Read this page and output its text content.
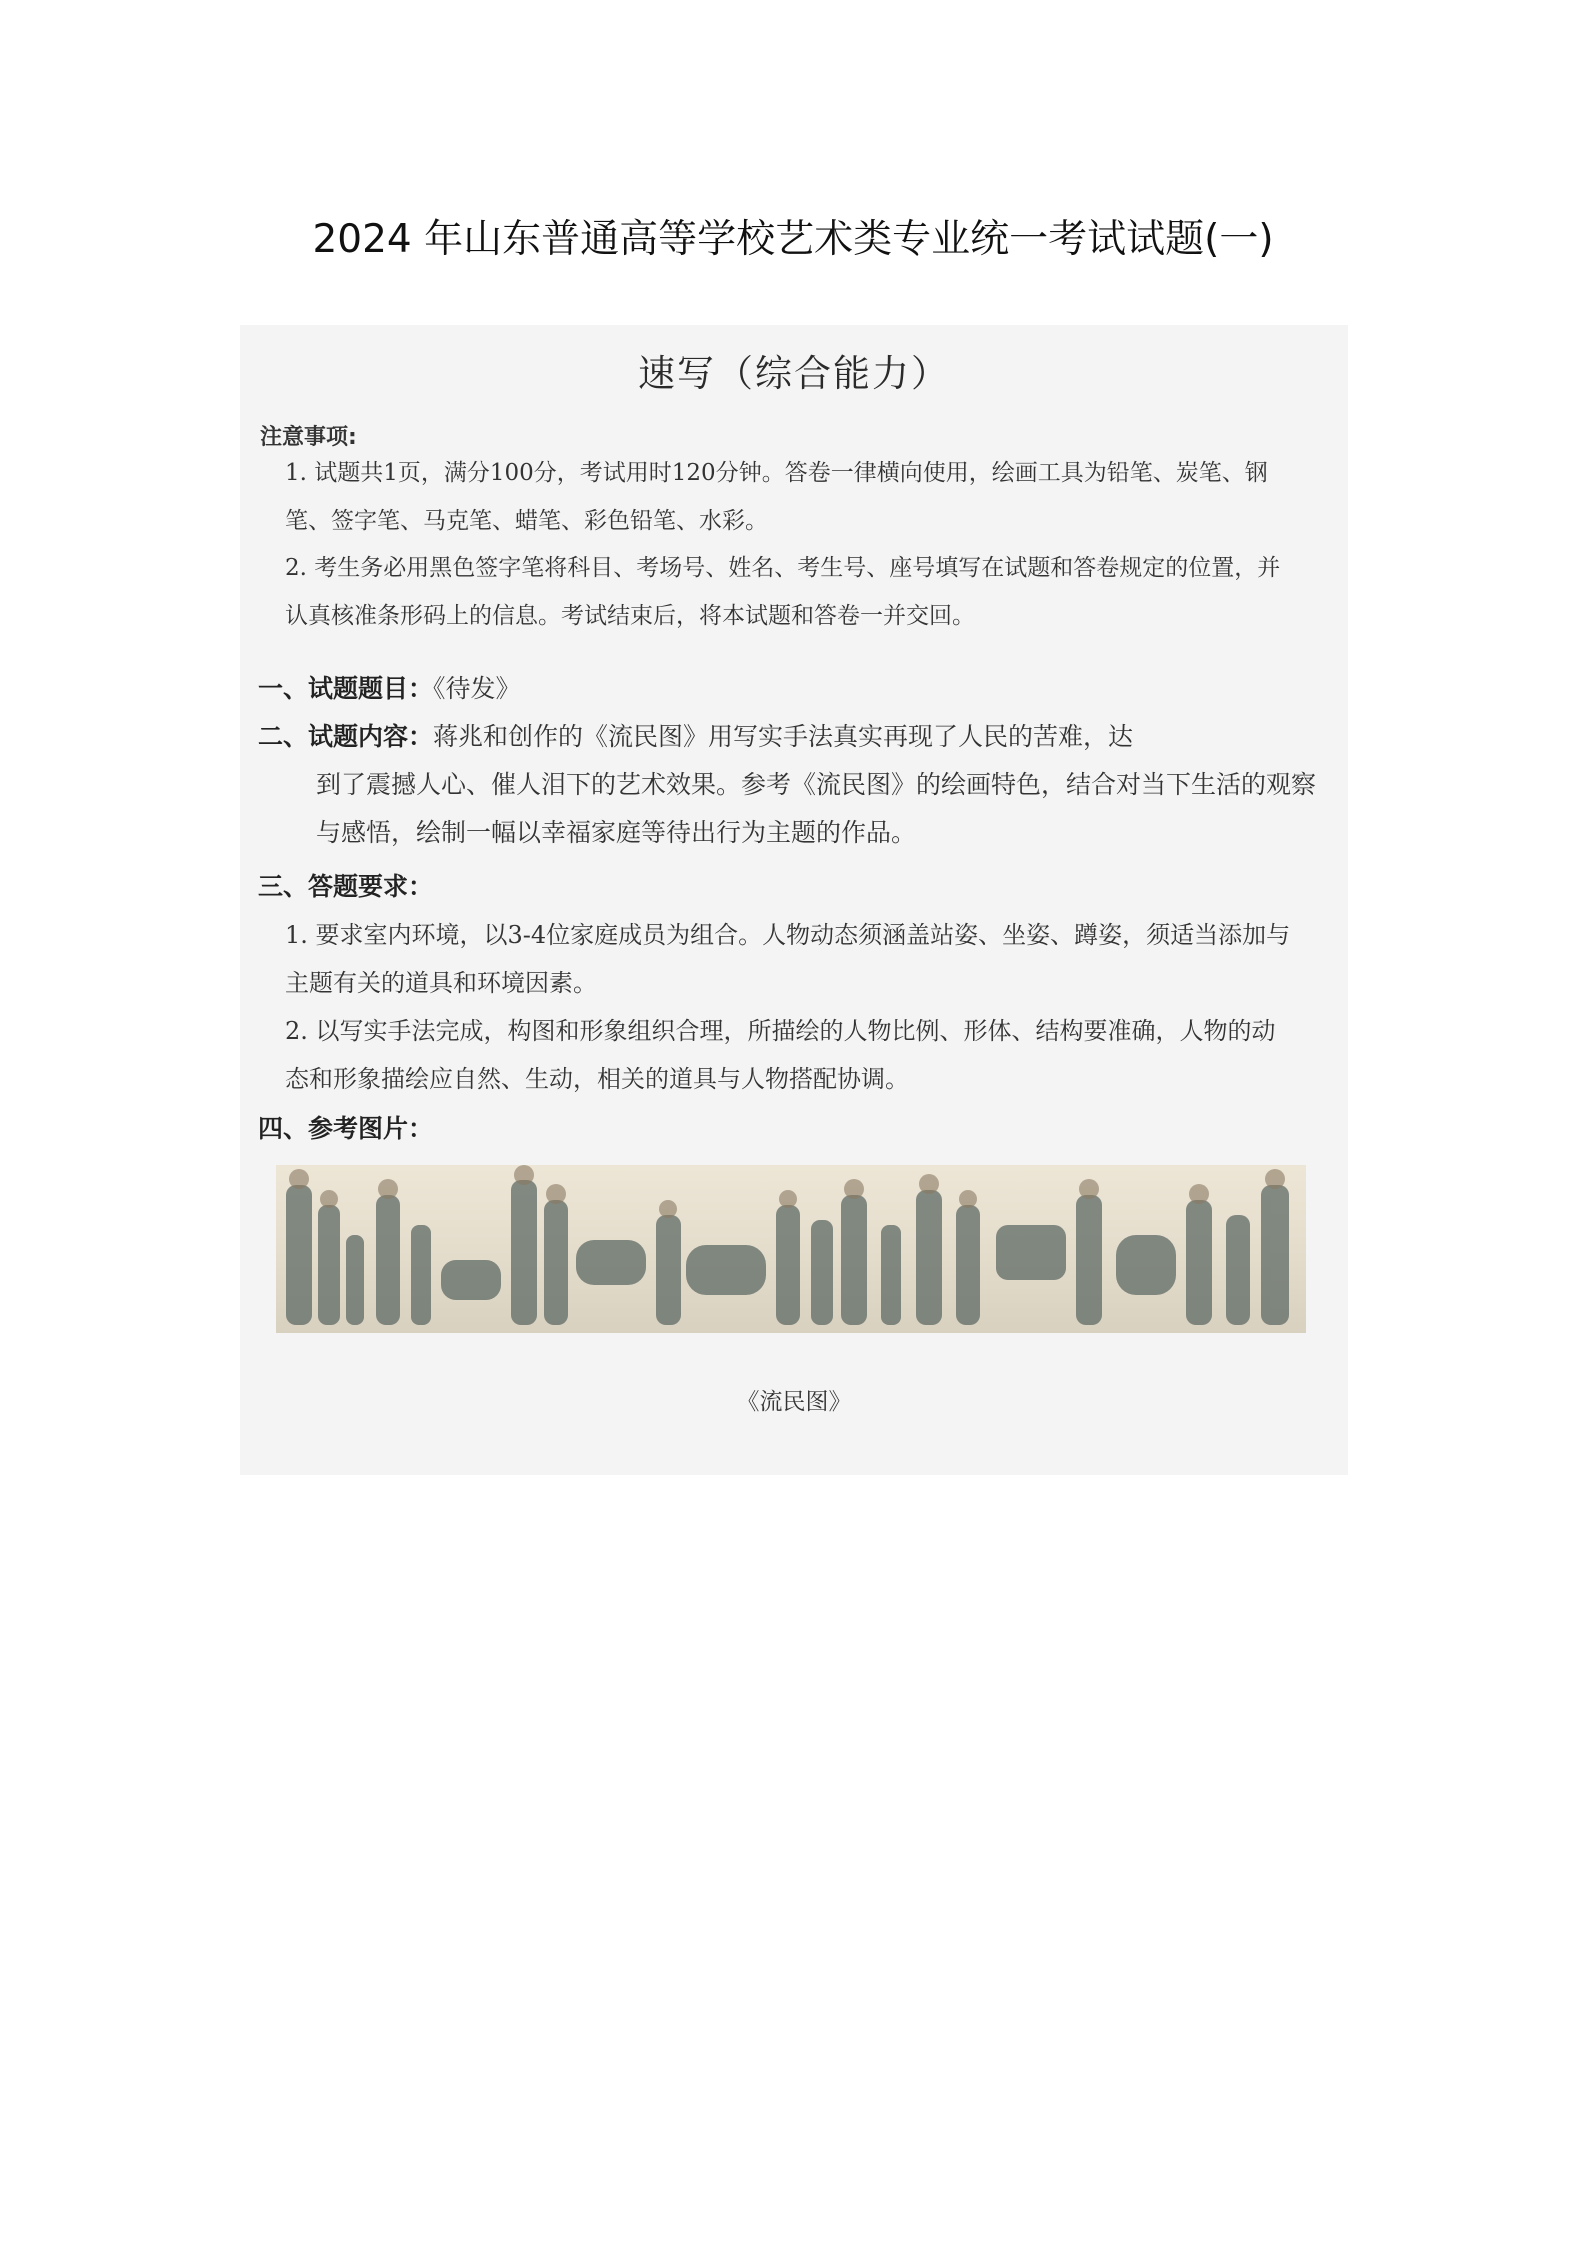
2024 年山东普通高等学校艺术类专业统一考试试题(一)
速写（综合能力）
注意事项:
1. 试题共1页，满分100分，考试用时120分钟。答卷一律横向使用，绘画工具为铅笔、炭笔、钢笔、签字笔、马克笔、蜡笔、彩色铅笔、水彩。
2. 考生务必用黑色签字笔将科目、考场号、姓名、考生号、座号填写在试题和答卷规定的位置，并认真核准条形码上的信息。考试结束后，将本试题和答卷一并交回。
一、试题题目：《待发》
二、试题内容：蒋兆和创作的《流民图》用写实手法真实再现了人民的苦难，达
到了震撼人心、催人泪下的艺术效果。参考《流民图》的绘画特色，结合对当下生活的观察与感悟，绘制一幅以幸福家庭等待出行为主题的作品。
三、答题要求：
1. 要求室内环境，以3-4位家庭成员为组合。人物动态须涵盖站姿、坐姿、蹲姿，须适当添加与主题有关的道具和环境因素。
2. 以写实手法完成，构图和形象组织合理，所描绘的人物比例、形体、结构要准确，人物的动态和形象描绘应自然、生动，相关的道具与人物搭配协调。
四、参考图片：
《流民图》
